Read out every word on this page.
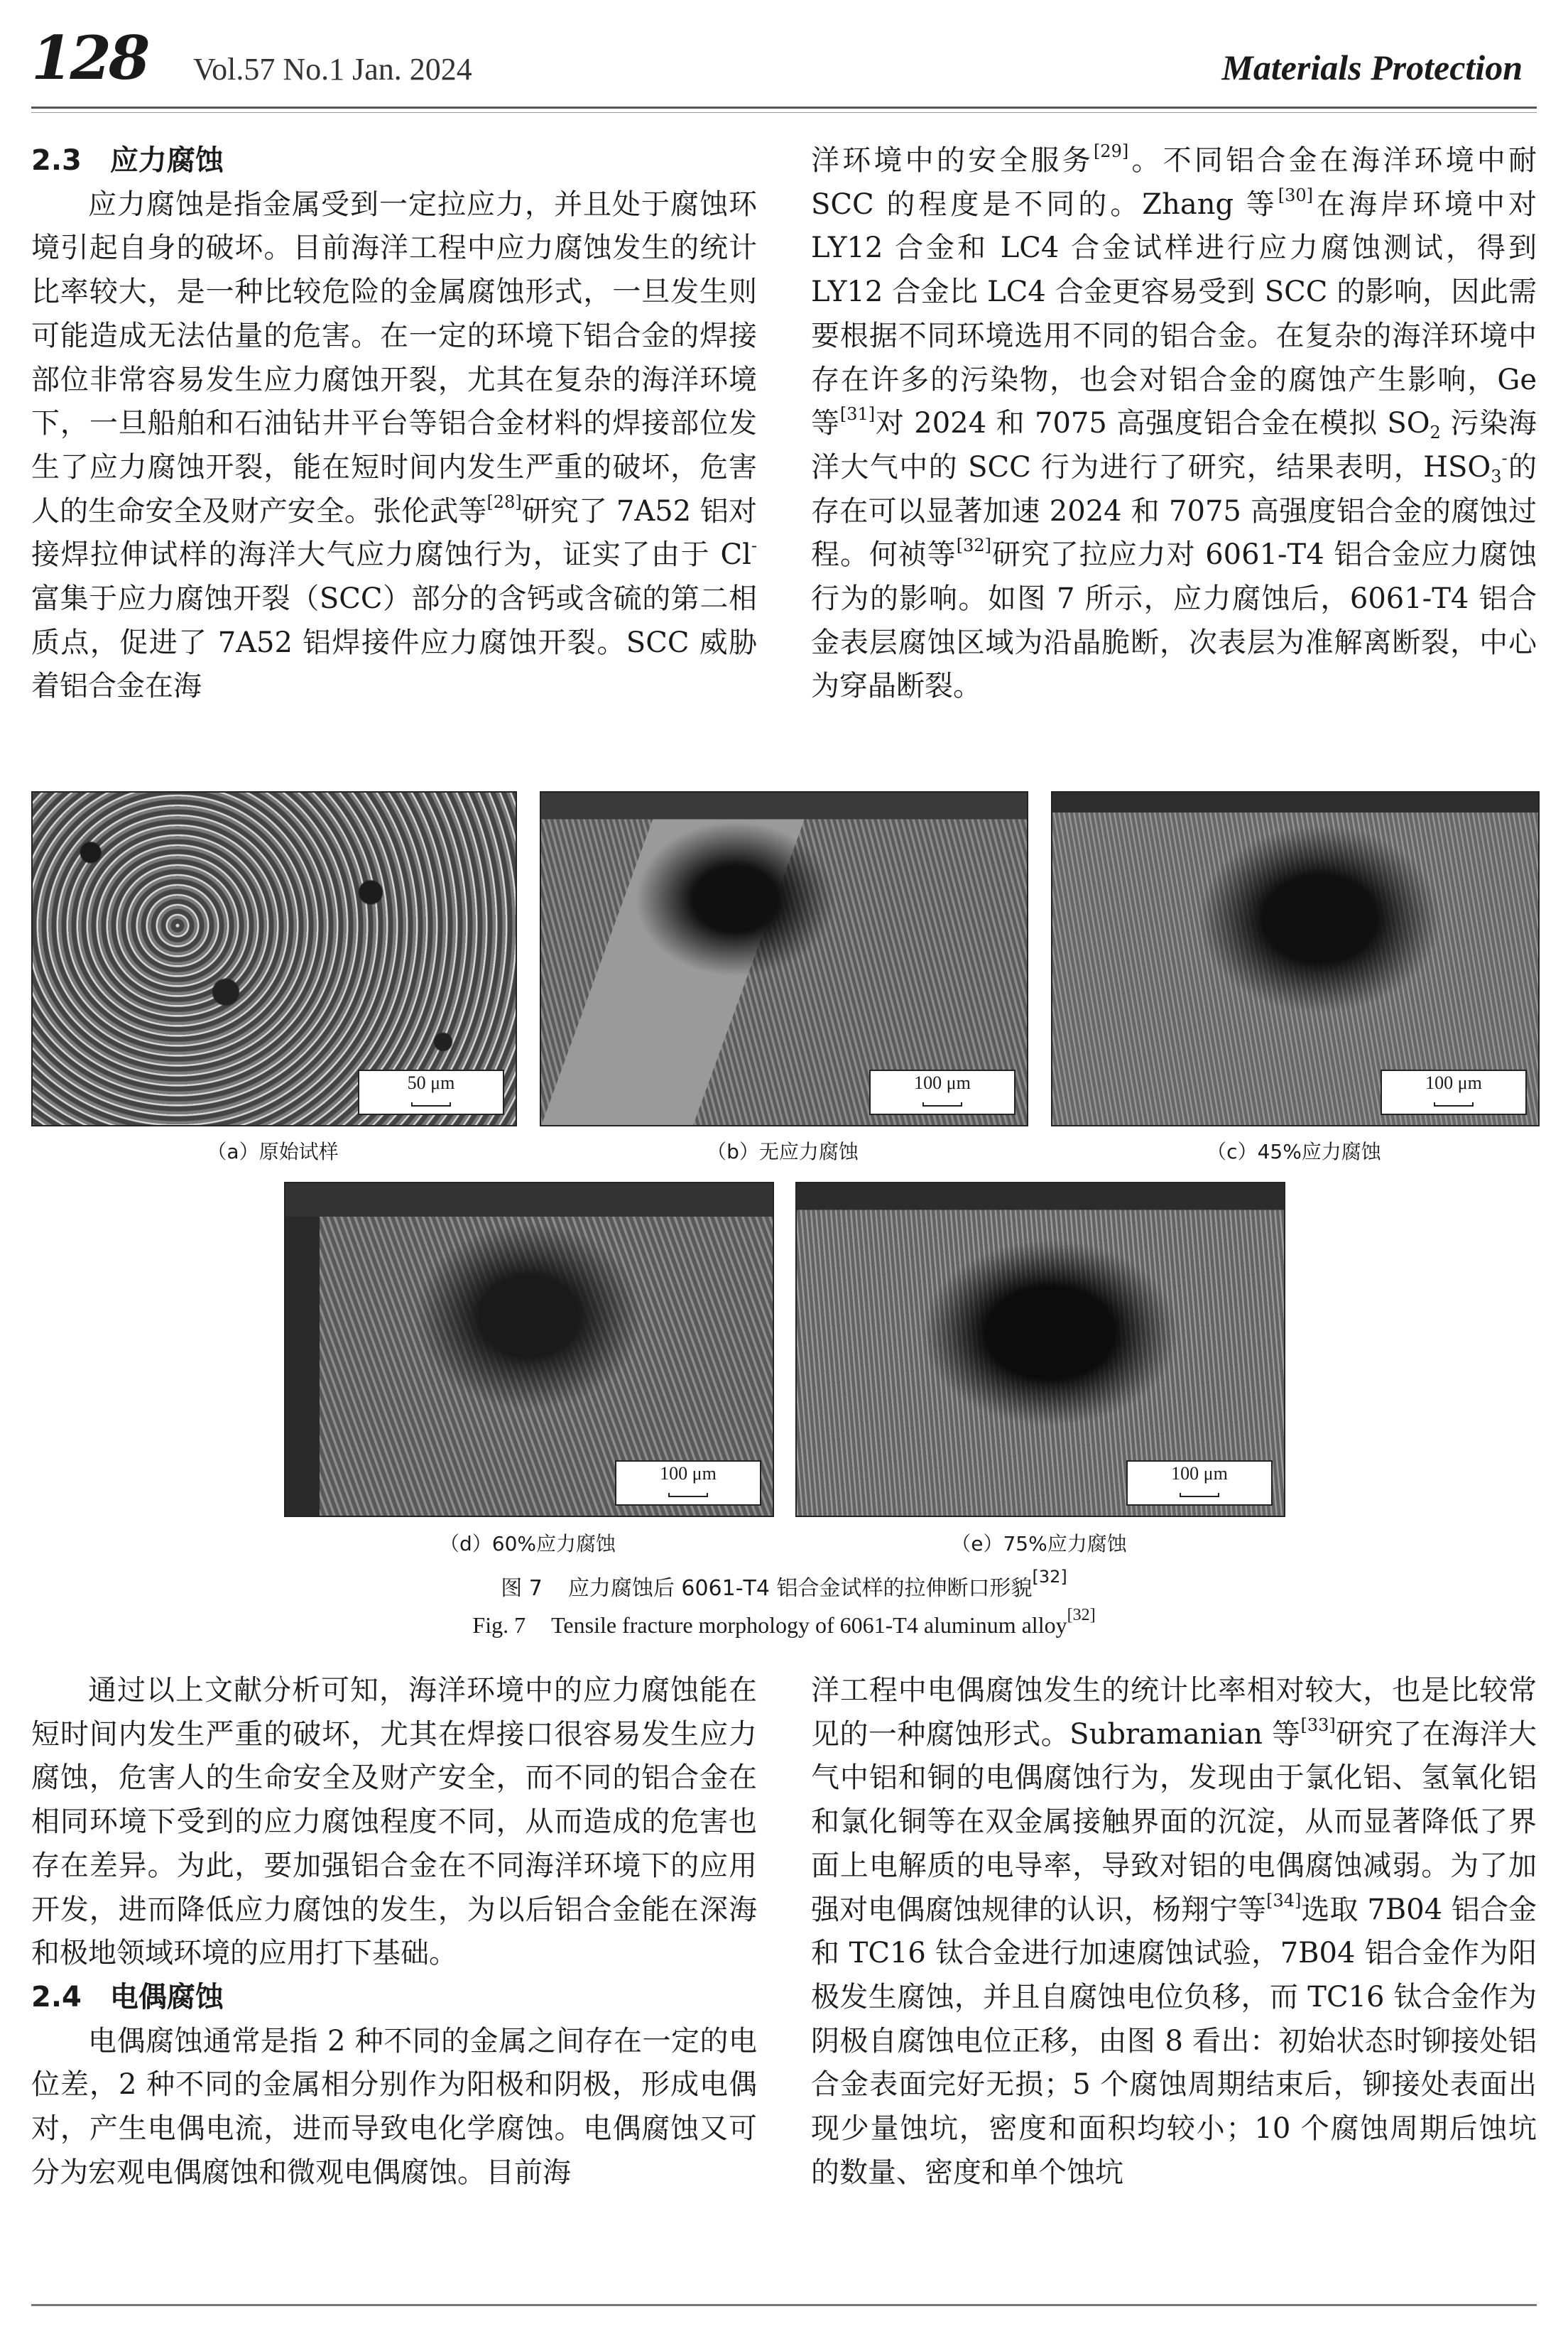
128 Vol.57 No.1 Jan. 2024	Materials Protection

2.3 应力腐蚀

应力腐蚀是指金属受到一定拉应力，并且处于腐蚀环境引起自身的破坏。目前海洋工程中应力腐蚀发生的统计比率较大，是一种比较危险的金属腐蚀形式，一旦发生则可能造成无法估量的危害。在一定的环境下铝合金的焊接部位非常容易发生应力腐蚀开裂，尤其在复杂的海洋环境下，一旦船舶和石油钻井平台等铝合金材料的焊接部位发生了应力腐蚀开裂，能在短时间内发生严重的破坏，危害人的生命安全及财产安全。张伦武等[28]研究了 7A52 铝对接焊拉伸试样的海洋大气应力腐蚀行为，证实了由于 Cl-富集于应力腐蚀开裂（SCC）部分的含钙或含硫的第二相质点，促进了 7A52 铝焊接件应力腐蚀开裂。SCC 威胁着铝合金在海

洋环境中的安全服务[29]。不同铝合金在海洋环境中耐 SCC 的程度是不同的。Zhang 等[30]在海岸环境中对 LY12 合金和 LC4 合金试样进行应力腐蚀测试，得到 LY12 合金比 LC4 合金更容易受到 SCC 的影响，因此需要根据不同环境选用不同的铝合金。在复杂的海洋环境中存在许多的污染物，也会对铝合金的腐蚀产生影响，Ge 等[31]对 2024 和 7075 高强度铝合金在模拟 $SO_2$ 污染海洋大气中的 SCC 行为进行了研究，结果表明，$HSO_3^-$的存在可以显著加速 2024 和 7075 高强度铝合金的腐蚀过程。何祯等[32]研究了拉应力对 6061-T4 铝合金应力腐蚀行为的影响。如图 7 所示，应力腐蚀后，6061-T4 铝合金表层腐蚀区域为沿晶脆断，次表层为准解离断裂，中心为穿晶断裂。

50 μm
（a）原始试样
100 μm
（b）无应力腐蚀
100 μm
（c）45%应力腐蚀
100 μm
（d）60%应力腐蚀
100 μm
（e）75%应力腐蚀
图 7 应力腐蚀后 6061-T4 铝合金试样的拉伸断口形貌[32]
Fig. 7 Tensile fracture morphology of 6061-T4 aluminum alloy[32]

通过以上文献分析可知，海洋环境中的应力腐蚀能在短时间内发生严重的破坏，尤其在焊接口很容易发生应力腐蚀，危害人的生命安全及财产安全，而不同的铝合金在相同环境下受到的应力腐蚀程度不同，从而造成的危害也存在差异。为此，要加强铝合金在不同海洋环境下的应用开发，进而降低应力腐蚀的发生，为以后铝合金能在深海和极地领域环境的应用打下基础。

2.4 电偶腐蚀

电偶腐蚀通常是指 2 种不同的金属之间存在一定的电位差，2 种不同的金属相分别作为阳极和阴极，形成电偶对，产生电偶电流，进而导致电化学腐蚀。电偶腐蚀又可分为宏观电偶腐蚀和微观电偶腐蚀。目前海

洋工程中电偶腐蚀发生的统计比率相对较大，也是比较常见的一种腐蚀形式。Subramanian 等[33]研究了在海洋大气中铝和铜的电偶腐蚀行为，发现由于氯化铝、氢氧化铝和氯化铜等在双金属接触界面的沉淀，从而显著降低了界面上电解质的电导率，导致对铝的电偶腐蚀减弱。为了加强对电偶腐蚀规律的认识，杨翔宁等[34]选取 7B04 铝合金和 TC16 钛合金进行加速腐蚀试验，7B04 铝合金作为阳极发生腐蚀，并且自腐蚀电位负移，而 TC16 钛合金作为阴极自腐蚀电位正移，由图 8 看出：初始状态时铆接处铝合金表面完好无损；5 个腐蚀周期结束后，铆接处表面出现少量蚀坑，密度和面积均较小；10 个腐蚀周期后蚀坑的数量、密度和单个蚀坑
